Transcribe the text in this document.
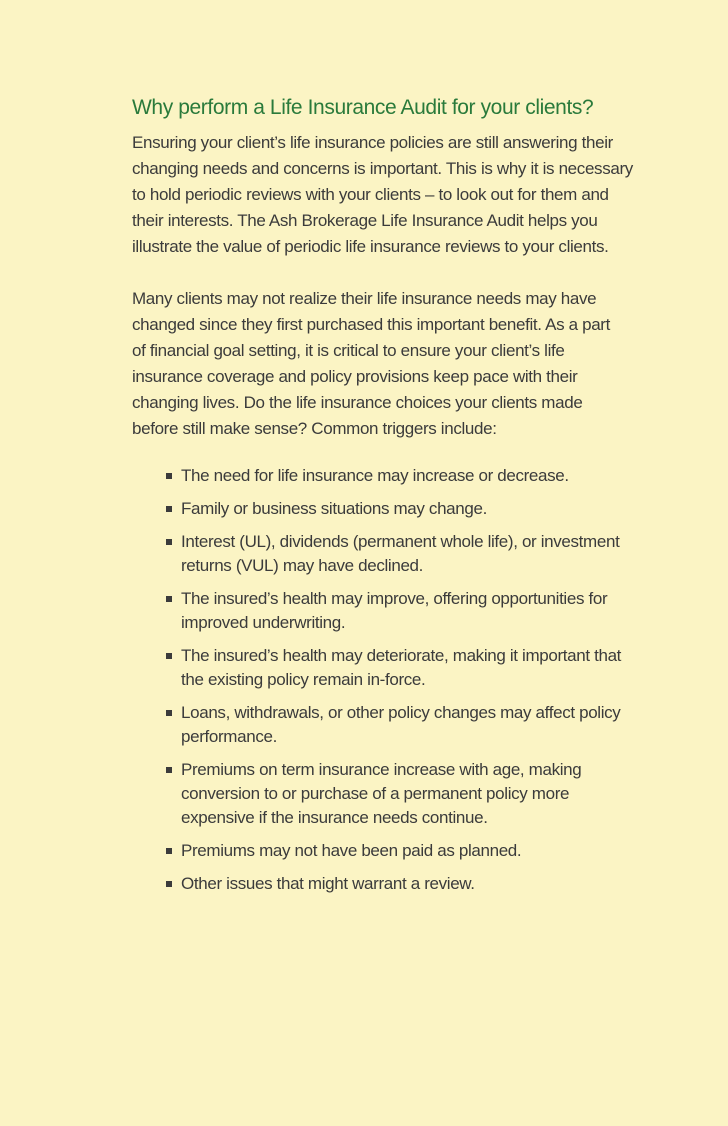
Why perform a Life Insurance Audit for your clients?

Ensuring your client’s life insurance policies are still answering their
changing needs and concerns is important. This is why it is necessary
to hold periodic reviews with your clients – to look out for them and
their interests. The Ash Brokerage Life Insurance Audit helps you
illustrate the value of periodic life insurance reviews to your clients.

Many clients may not realize their life insurance needs may have
changed since they first purchased this important benefit. As a part
of financial goal setting, it is critical to ensure your client’s life
insurance coverage and policy provisions keep pace with their
changing lives. Do the life insurance choices your clients made
before still make sense? Common triggers include:

The need for life insurance may increase or decrease.
Family or business situations may change.
Interest (UL), dividends (permanent whole life), or investment
returns (VUL) may have declined.
The insured’s health may improve, offering opportunities for
improved underwriting.
The insured’s health may deteriorate, making it important that
the existing policy remain in-force.
Loans, withdrawals, or other policy changes may affect policy
performance.
Premiums on term insurance increase with age, making
conversion to or purchase of a permanent policy more
expensive if the insurance needs continue.
Premiums may not have been paid as planned.
Other issues that might warrant a review.
